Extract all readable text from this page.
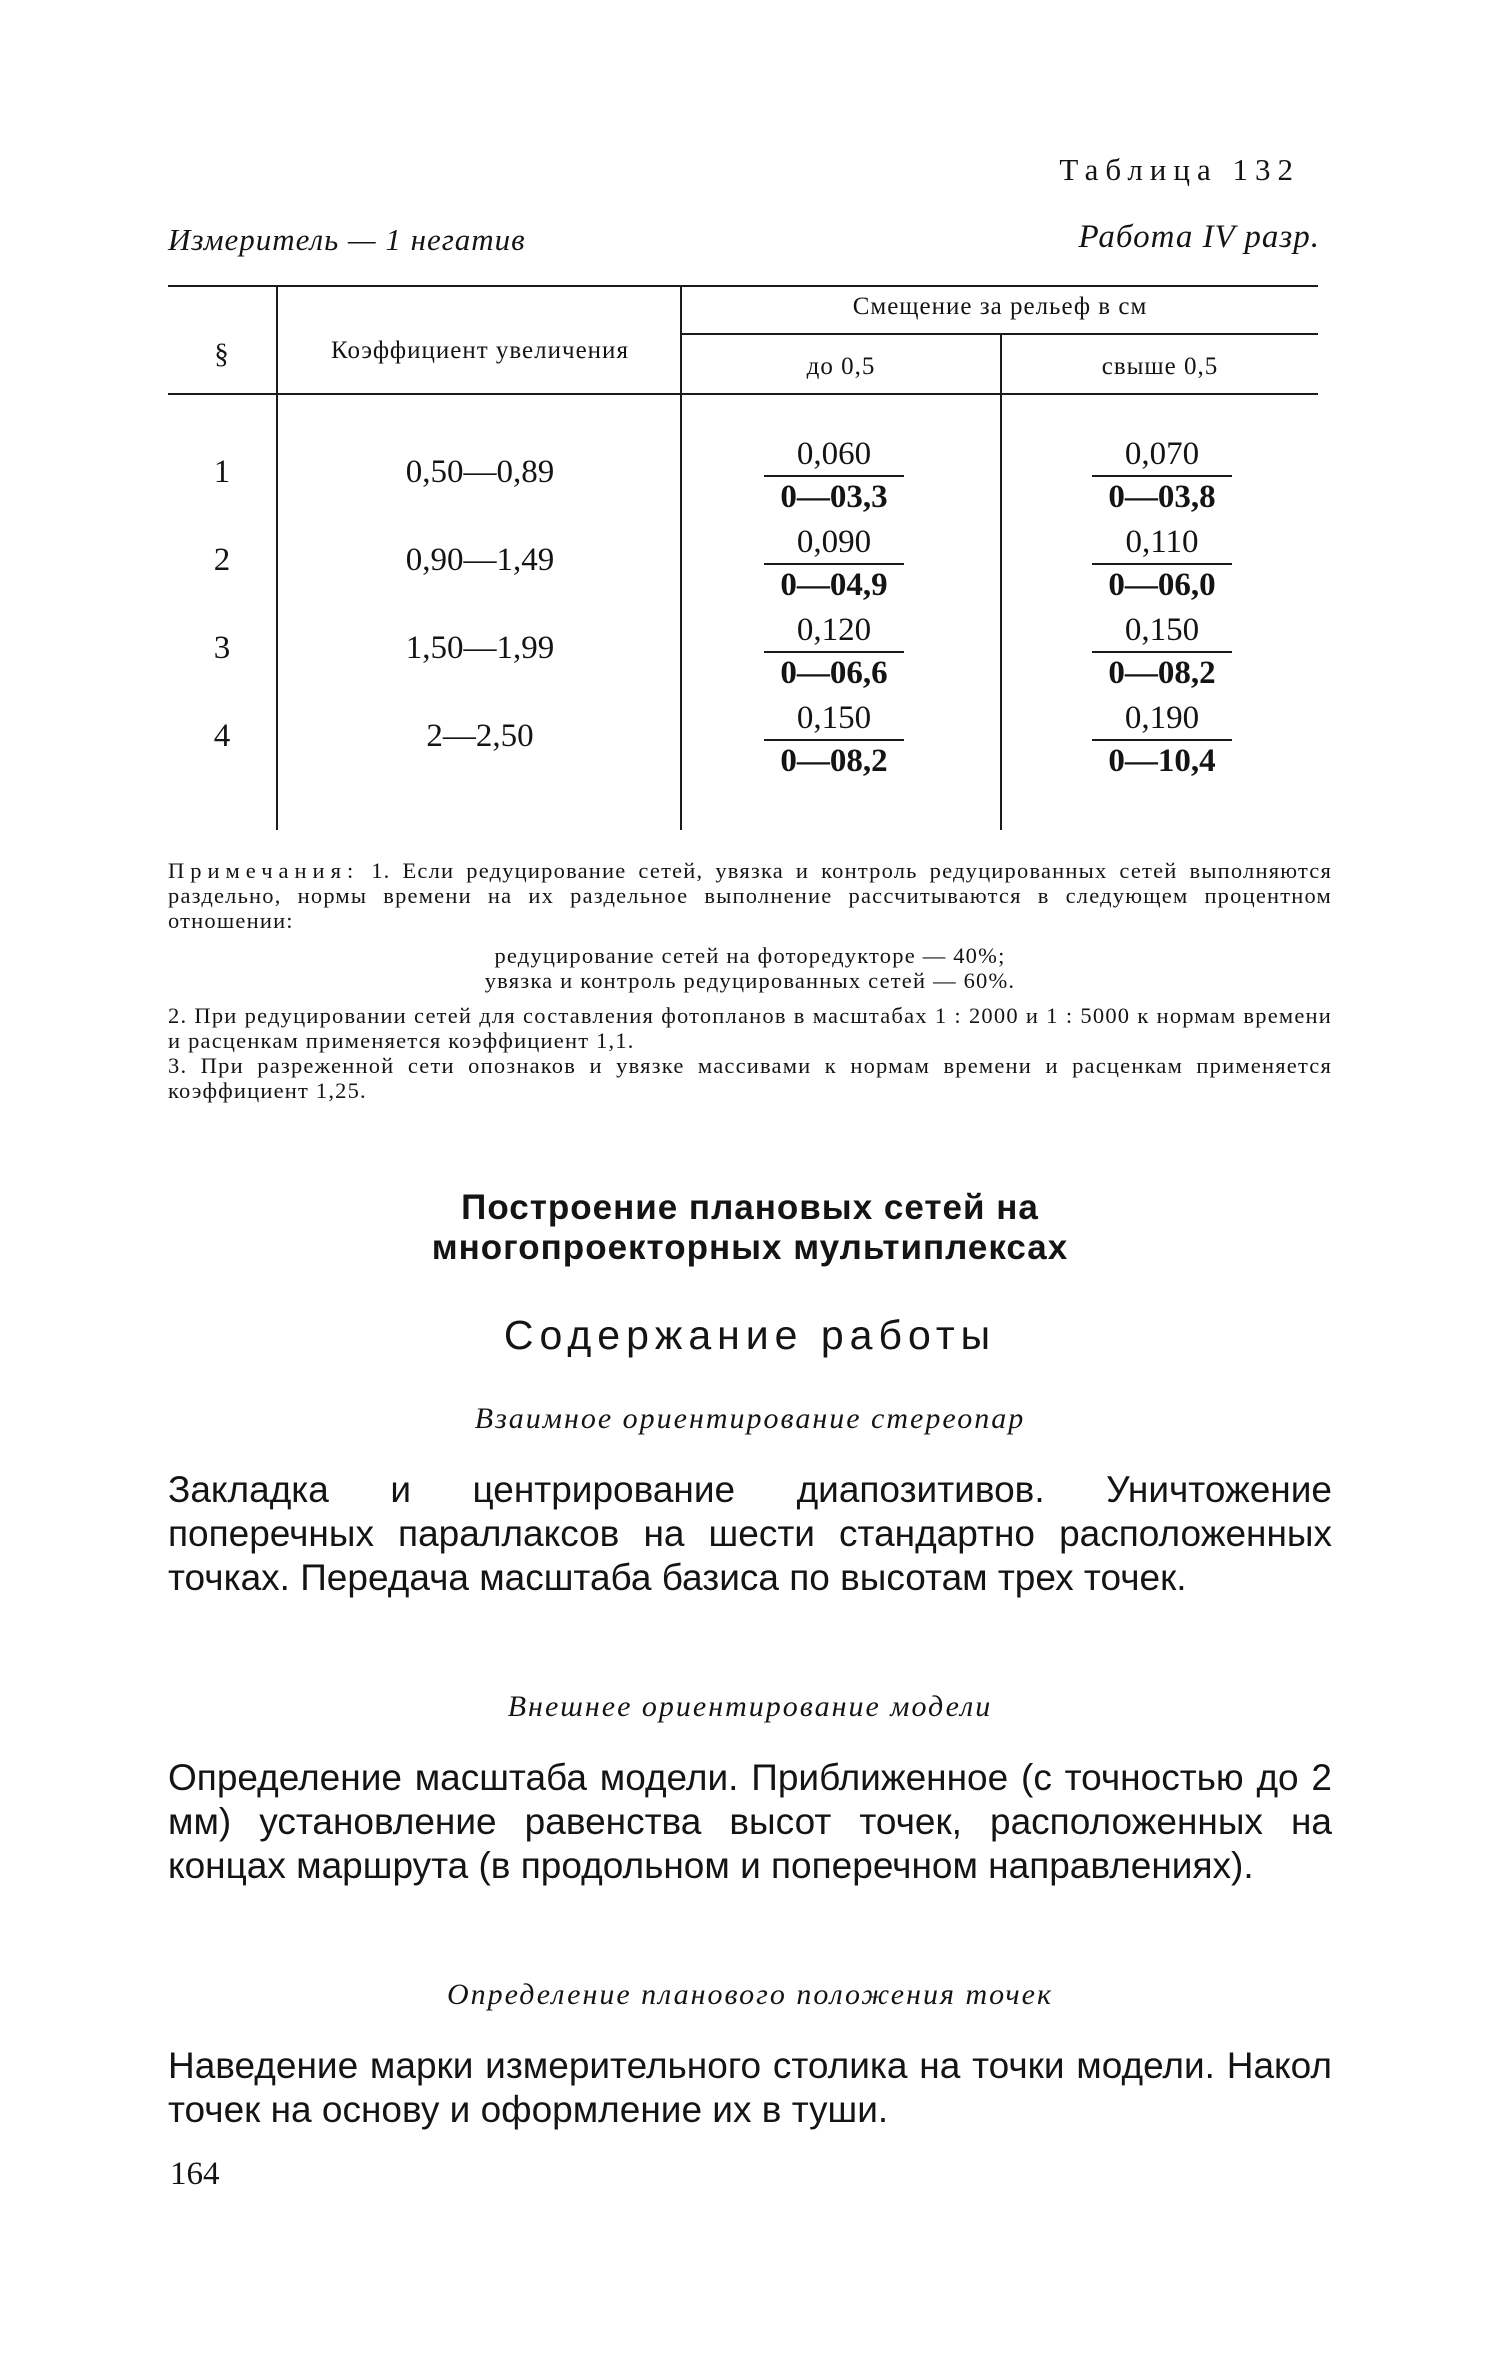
Таблица 132
Измеритель — 1 негатив	Работа IV разр.
§	Коэффициент увеличения
Смещение за рельеф в см
до 0,5	свыше 0,5
1	0,50—0,89	$\frac{0,060}{0—03,3}$	$\frac{0,070}{0—03,8}$
2	0,90—1,49	$\frac{0,090}{0—04,9}$	$\frac{0,110}{0—06,0}$
3	1,50—1,99	$\frac{0,120}{0—06,6}$	$\frac{0,150}{0—08,2}$
4	2—2,50	$\frac{0,150}{0—08,2}$	$\frac{0,190}{0—10,4}$

Примечания: 1. Если редуцирование сетей, увязка и контроль редуцированных сетей выполняются раздельно, нормы времени на их раздельное выполнение рассчитываются в следующем процентном отношении:

редуцирование сетей на фоторедукторе — 40%;

увязка и контроль редуцированных сетей — 60%.

2. При редуцировании сетей для составления фотопланов в масштабах 1 : 2000 и 1 : 5000 к нормам времени и расценкам применяется коэффициент 1,1.

3. При разреженной сети опознаков и увязке массивами к нормам времени и расценкам применяется коэффициент 1,25.

Построение плановых сетей на многопроекторных мультиплексах
Содержание работы
Взаимное ориентирование стереопар
Закладка и центрирование диапозитивов. Уничтожение поперечных параллаксов на шести стандартно расположенных точках. Передача масштаба базиса по высотам трех точек.
Внешнее ориентирование модели
Определение масштаба модели. Приближенное (с точностью до 2 мм) установление равенства высот точек, расположенных на концах маршрута (в продольном и поперечном направлениях).
Определение планового положения точек
Наведение марки измерительного столика на точки модели. Накол точек на основу и оформление их в туши.
164
